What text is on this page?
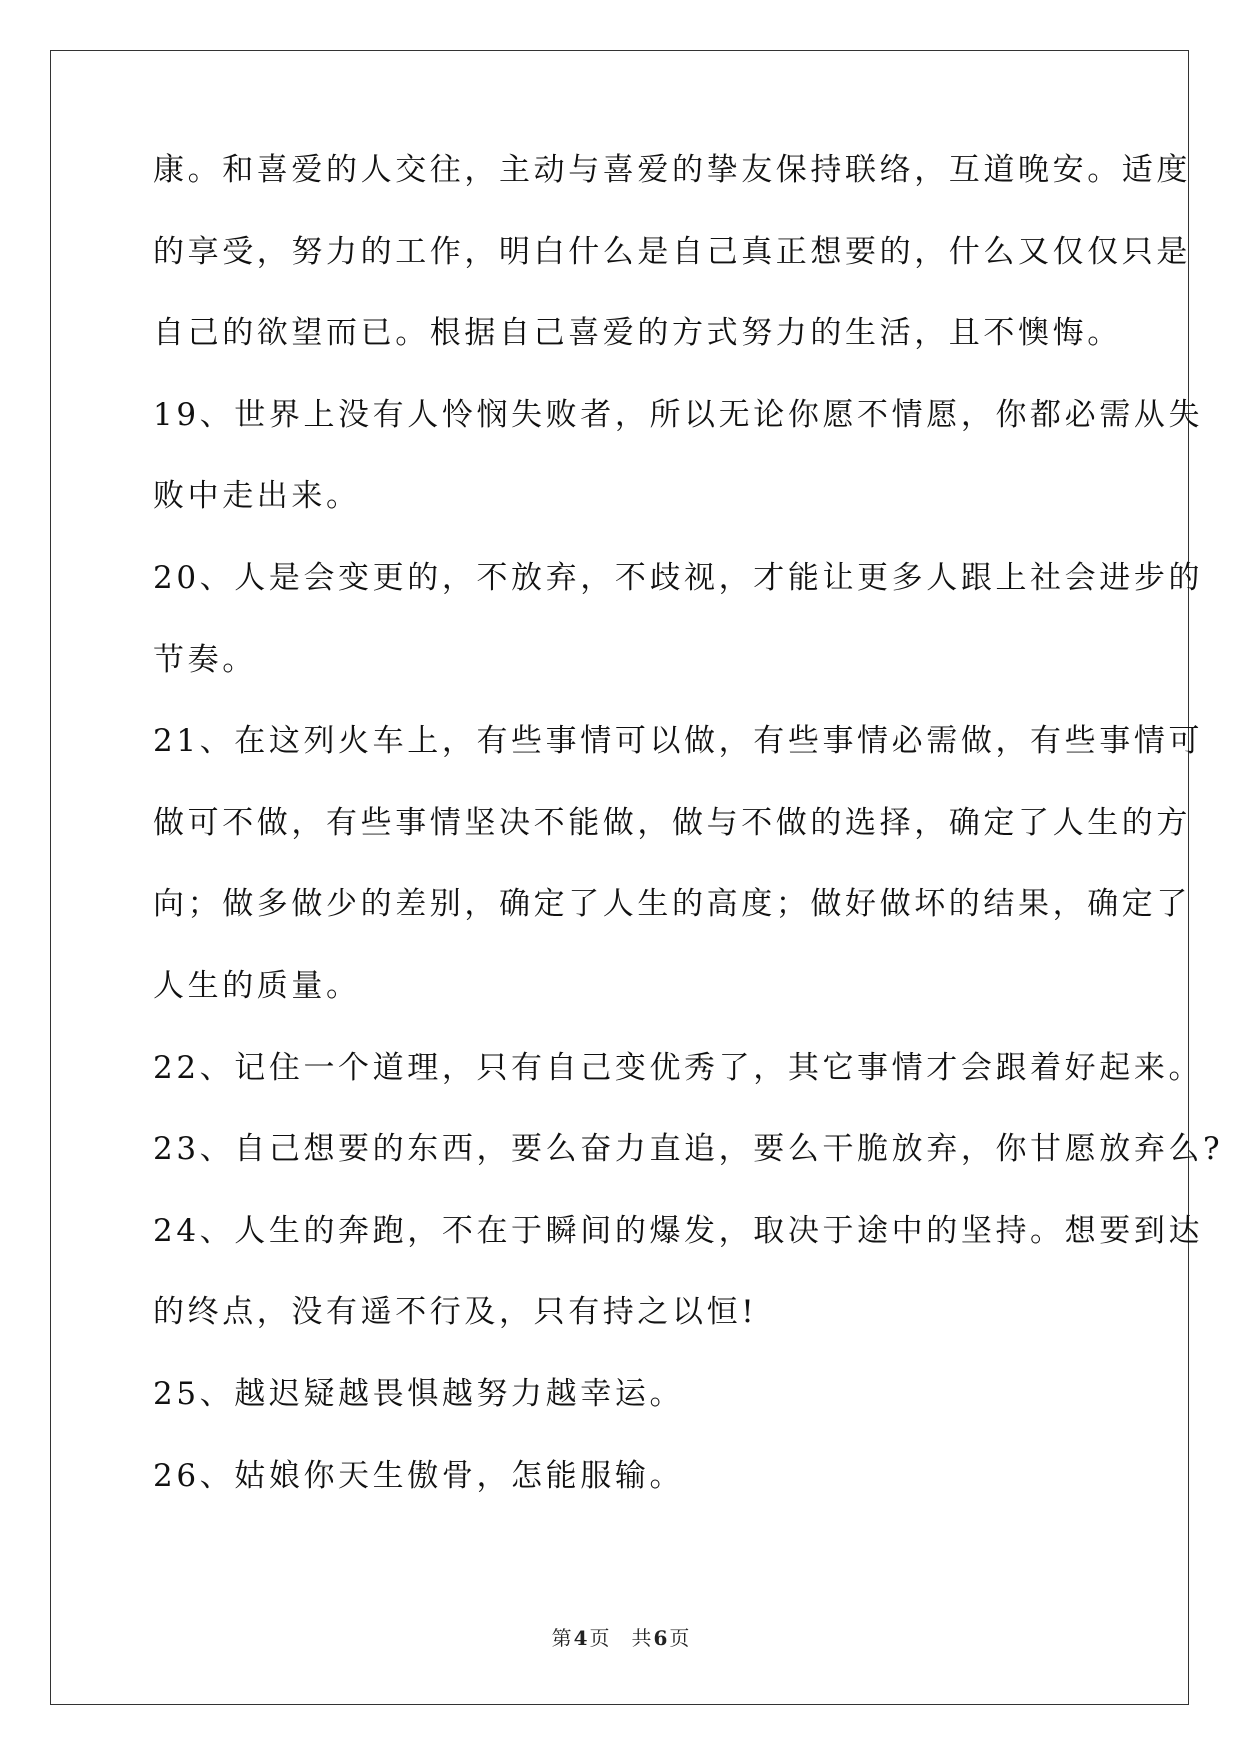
康。和喜爱的人交往，主动与喜爱的挚友保持联络，互道晚安。适度
的享受，努力的工作，明白什么是自己真正想要的，什么又仅仅只是
自己的欲望而已。根据自己喜爱的方式努力的生活，且不懊悔。
19、世界上没有人怜悯失败者，所以无论你愿不情愿，你都必需从失
败中走出来。
20、人是会变更的，不放弃，不歧视，才能让更多人跟上社会进步的
节奏。
21、在这列火车上，有些事情可以做，有些事情必需做，有些事情可
做可不做，有些事情坚决不能做，做与不做的选择，确定了人生的方
向；做多做少的差别，确定了人生的高度；做好做坏的结果，确定了
人生的质量。
22、记住一个道理，只有自己变优秀了，其它事情才会跟着好起来。
23、自己想要的东西，要么奋力直追，要么干脆放弃，你甘愿放弃么?
24、人生的奔跑，不在于瞬间的爆发，取决于途中的坚持。想要到达
的终点，没有遥不行及，只有持之以恒!
25、越迟疑越畏惧越努力越幸运。
26、姑娘你天生傲骨，怎能服输。
第 4 页 共 6 页
